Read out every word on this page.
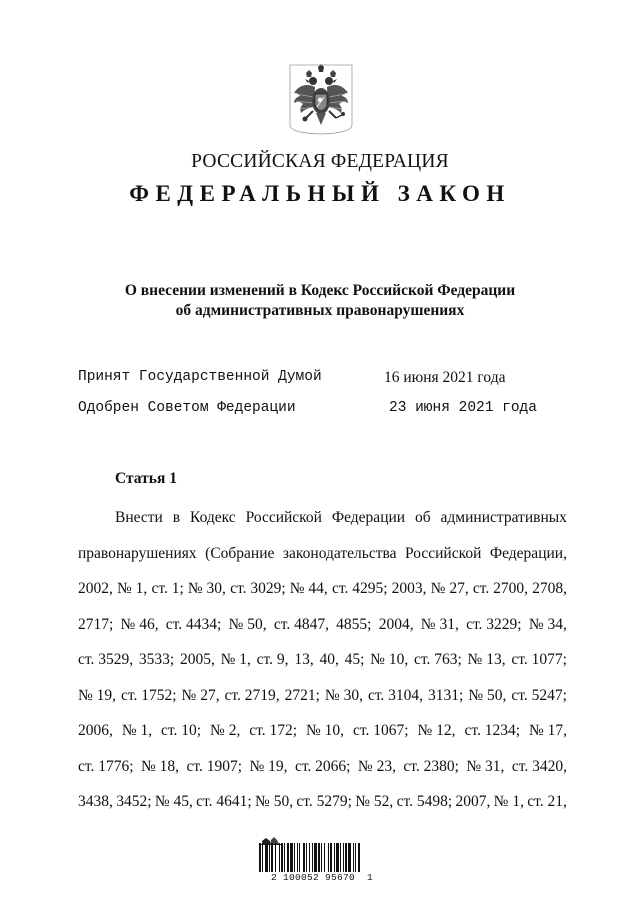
РОССИЙСКАЯ ФЕДЕРАЦИЯ
ФЕДЕРАЛЬНЫЙ ЗАКОН
О внесении изменений в Кодекс Российской Федерации
об административных правонарушениях
Принят Государственной Думой	16 июня 2021 года
Одобрен Советом Федерации	23 июня 2021 года
Статья 1
Внести в Кодекс Российской Федерации об административных
правонарушениях (Собрание законодательства Российской Федерации,
2002, № 1, ст. 1; № 30, ст. 3029; № 44, ст. 4295; 2003, № 27, ст. 2700, 2708,
2717; № 46, ст. 4434; № 50, ст. 4847, 4855; 2004, № 31, ст. 3229; № 34,
ст. 3529, 3533; 2005, № 1, ст. 9, 13, 40, 45; № 10, ст. 763; № 13, ст. 1077;
№ 19, ст. 1752; № 27, ст. 2719, 2721; № 30, ст. 3104, 3131; № 50, ст. 5247;
2006, № 1, ст. 10; № 2, ст. 172; № 10, ст. 1067; № 12, ст. 1234; № 17,
ст. 1776; № 18, ст. 1907; № 19, ст. 2066; № 23, ст. 2380; № 31, ст. 3420,
3438, 3452; № 45, ст. 4641; № 50, ст. 5279; № 52, ст. 5498; 2007, № 1, ст. 21,
2 100052 95670  1
